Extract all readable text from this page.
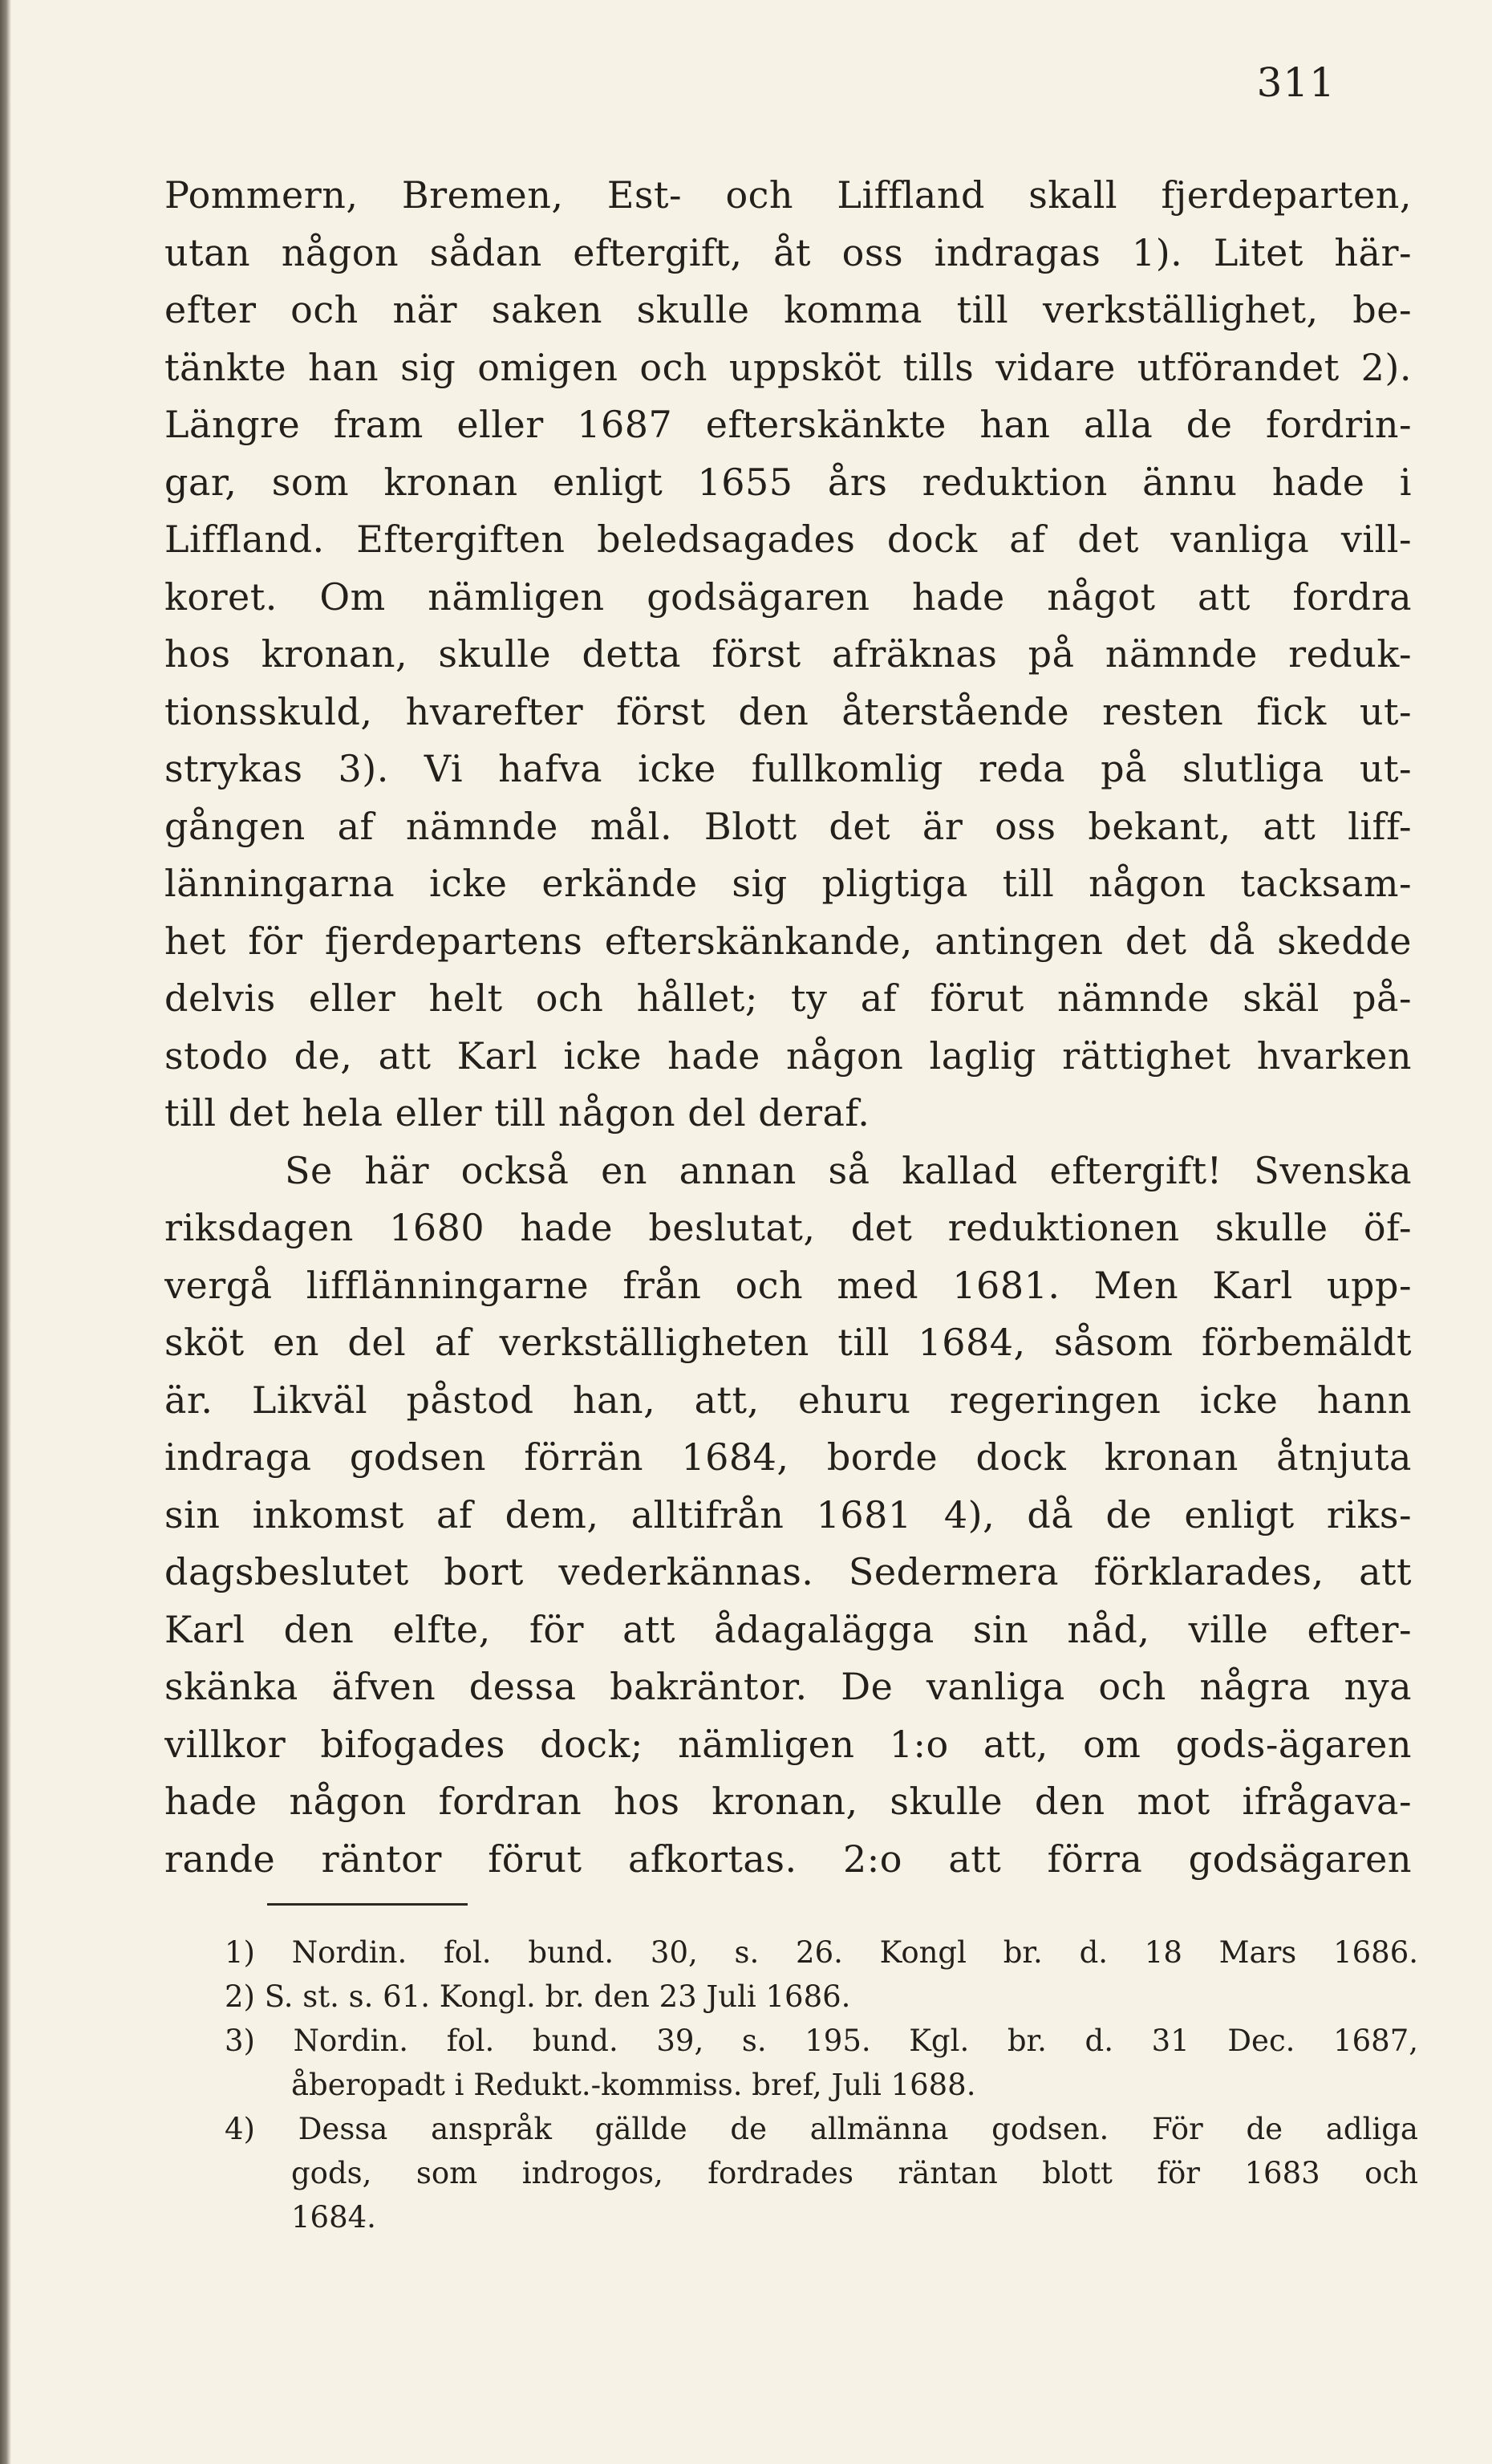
311
Pommern, Bremen, Est- och Liffland skall fjerdeparten,
utan någon sådan eftergift, åt oss indragas 1). Litet här-
efter och när saken skulle komma till verkställighet, be-
tänkte han sig omigen och uppsköt tills vidare utförandet 2).
Längre fram eller 1687 efterskänkte han alla de fordrin-
gar, som kronan enligt 1655 års reduktion ännu hade i
Liffland. Eftergiften beledsagades dock af det vanliga vill-
koret. Om nämligen godsägaren hade något att fordra
hos kronan, skulle detta först afräknas på nämnde reduk-
tionsskuld, hvarefter först den återstående resten fick ut-
strykas 3). Vi hafva icke fullkomlig reda på slutliga ut-
gången af nämnde mål. Blott det är oss bekant, att liff-
länningarna icke erkände sig pligtiga till någon tacksam-
het för fjerdepartens efterskänkande, antingen det då skedde
delvis eller helt och hållet; ty af förut nämnde skäl på-
stodo de, att Karl icke hade någon laglig rättighet hvarken
till det hela eller till någon del deraf.
Se här också en annan så kallad eftergift! Svenska
riksdagen 1680 hade beslutat, det reduktionen skulle öf-
vergå lifflänningarne från och med 1681. Men Karl upp-
sköt en del af verkställigheten till 1684, såsom förbemäldt
är. Likväl påstod han, att, ehuru regeringen icke hann
indraga godsen förrän 1684, borde dock kronan åtnjuta
sin inkomst af dem, alltifrån 1681 4), då de enligt riks-
dagsbeslutet bort vederkännas. Sedermera förklarades, att
Karl den elfte, för att ådagalägga sin nåd, ville efter-
skänka äfven dessa bakräntor. De vanliga och några nya
villkor bifogades dock; nämligen 1:o att, om gods-ägaren
hade någon fordran hos kronan, skulle den mot ifrågava-
rande räntor förut afkortas. 2:o att förra godsägaren
1) Nordin. fol. bund. 30, s. 26. Kongl br. d. 18 Mars 1686.
2) S. st. s. 61. Kongl. br. den 23 Juli 1686.
3) Nordin. fol. bund. 39, s. 195. Kgl. br. d. 31 Dec. 1687,
åberopadt i Redukt.-kommiss. bref, Juli 1688.
4) Dessa anspråk gällde de allmänna godsen. För de adliga
gods, som indrogos, fordrades räntan blott för 1683 och
1684.
